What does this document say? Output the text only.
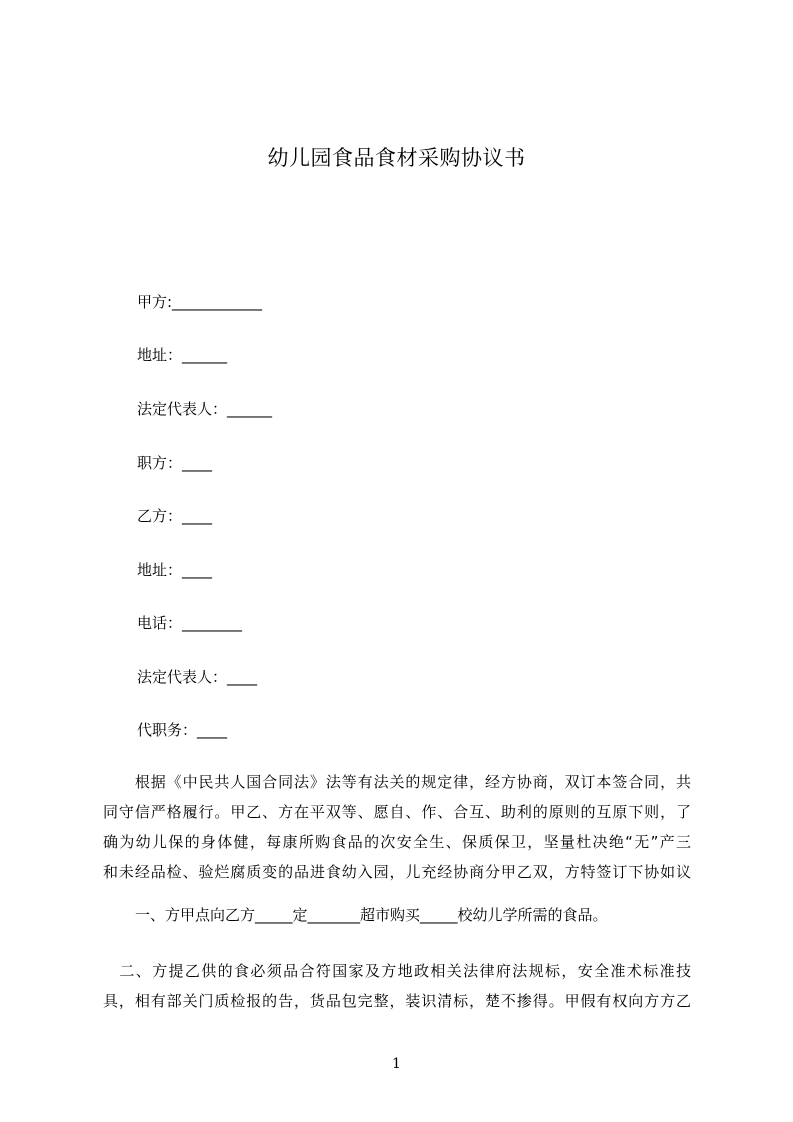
幼儿园食品食材采购协议书
甲方:____________
地址：______
法定代表人：______
职方：____
乙方：____
地址：____
电话：________
法定代表人：____
代职务：____
　　根据《中民共人国合同法》法等有法关的规定律，经方协商，双订本签合同，共
同守信严格履行。甲乙、方在平双等、愿自、作、合互、助利的原则的互原下则，了
确为幼儿保的身体健，每康所购食品的次安全生、保质保卫，坚量杜决绝“无”产三
和未经品检、验烂腐质变的品进食幼入园，儿充经协商分甲乙双，方特签订下协如议
一、方甲点向乙方_____定_______超市购买_____校幼儿学所需的食品。
　二、方提乙供的食必须品合符国家及方地政相关法律府法规标，安全准术标准技
具，相有部关门质检报的告，货品包完整，装识清标，楚不掺得。甲假有权向方方乙
1
